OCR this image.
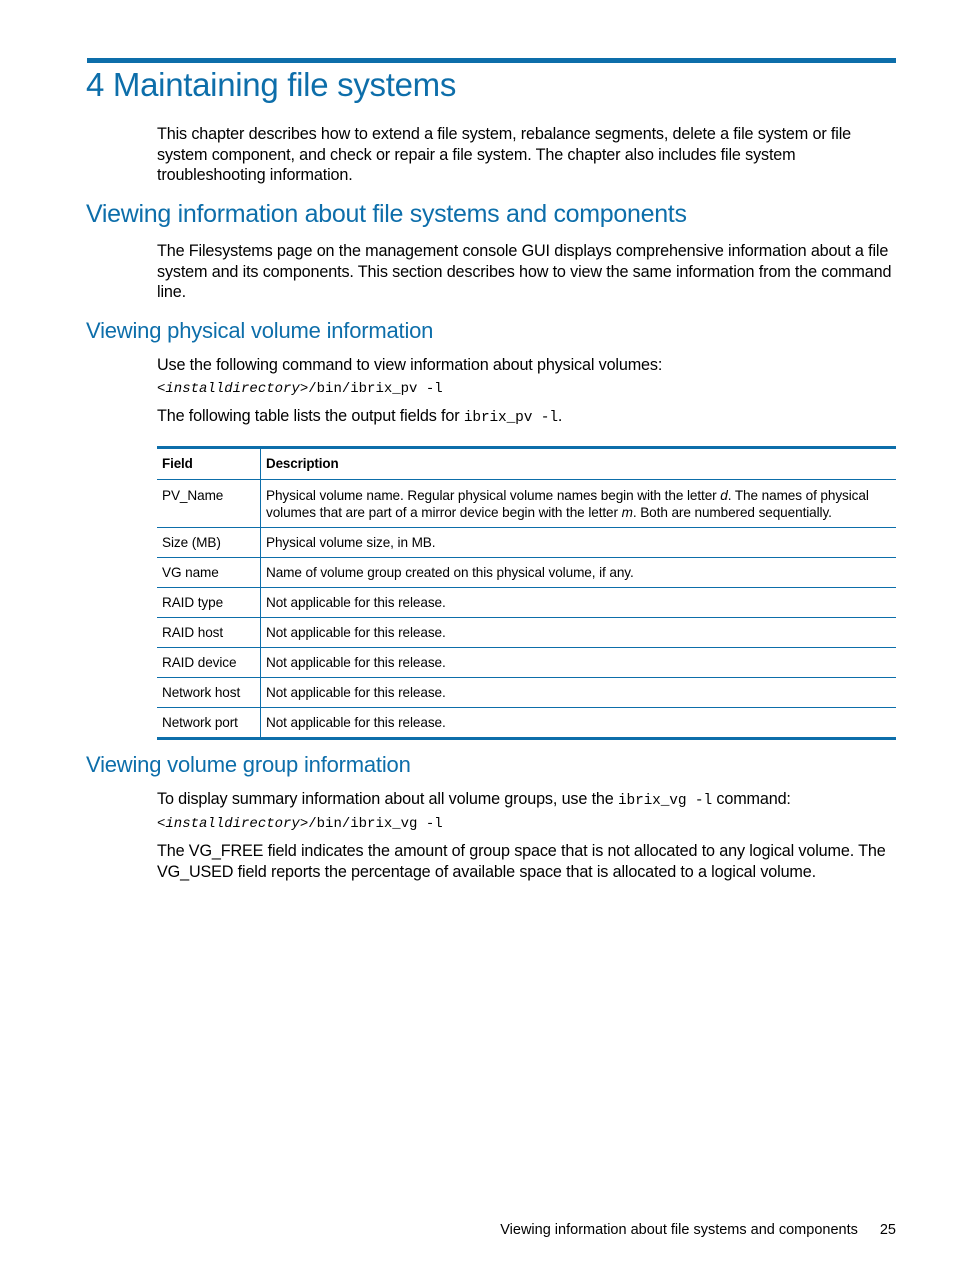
4 Maintaining file systems

This chapter describes how to extend a file system, rebalance segments, delete a file system or file system component, and check or repair a file system. The chapter also includes file system troubleshooting information.

Viewing information about file systems and components

The Filesystems page on the management console GUI displays comprehensive information about a file system and its components. This section describes how to view the same information from the command line.

Viewing physical volume information

Use the following command to view information about physical volumes:

<installdirectory>/bin/ibrix_pv -l

The following table lists the output fields for ibrix_pv -l.

Field	Description
PV_Name	Physical volume name. Regular physical volume names begin with the letter d. The names of physical volumes that are part of a mirror device begin with the letter m. Both are numbered sequentially.
Size (MB)	Physical volume size, in MB.
VG name	Name of volume group created on this physical volume, if any.
RAID type	Not applicable for this release.
RAID host	Not applicable for this release.
RAID device	Not applicable for this release.
Network host	Not applicable for this release.
Network port	Not applicable for this release.
Viewing volume group information

To display summary information about all volume groups, use the ibrix_vg -l command:

<installdirectory>/bin/ibrix_vg -l

The VG_FREE field indicates the amount of group space that is not allocated to any logical volume. The VG_USED field reports the percentage of available space that is allocated to a logical volume.

Viewing information about file systems and components 25
